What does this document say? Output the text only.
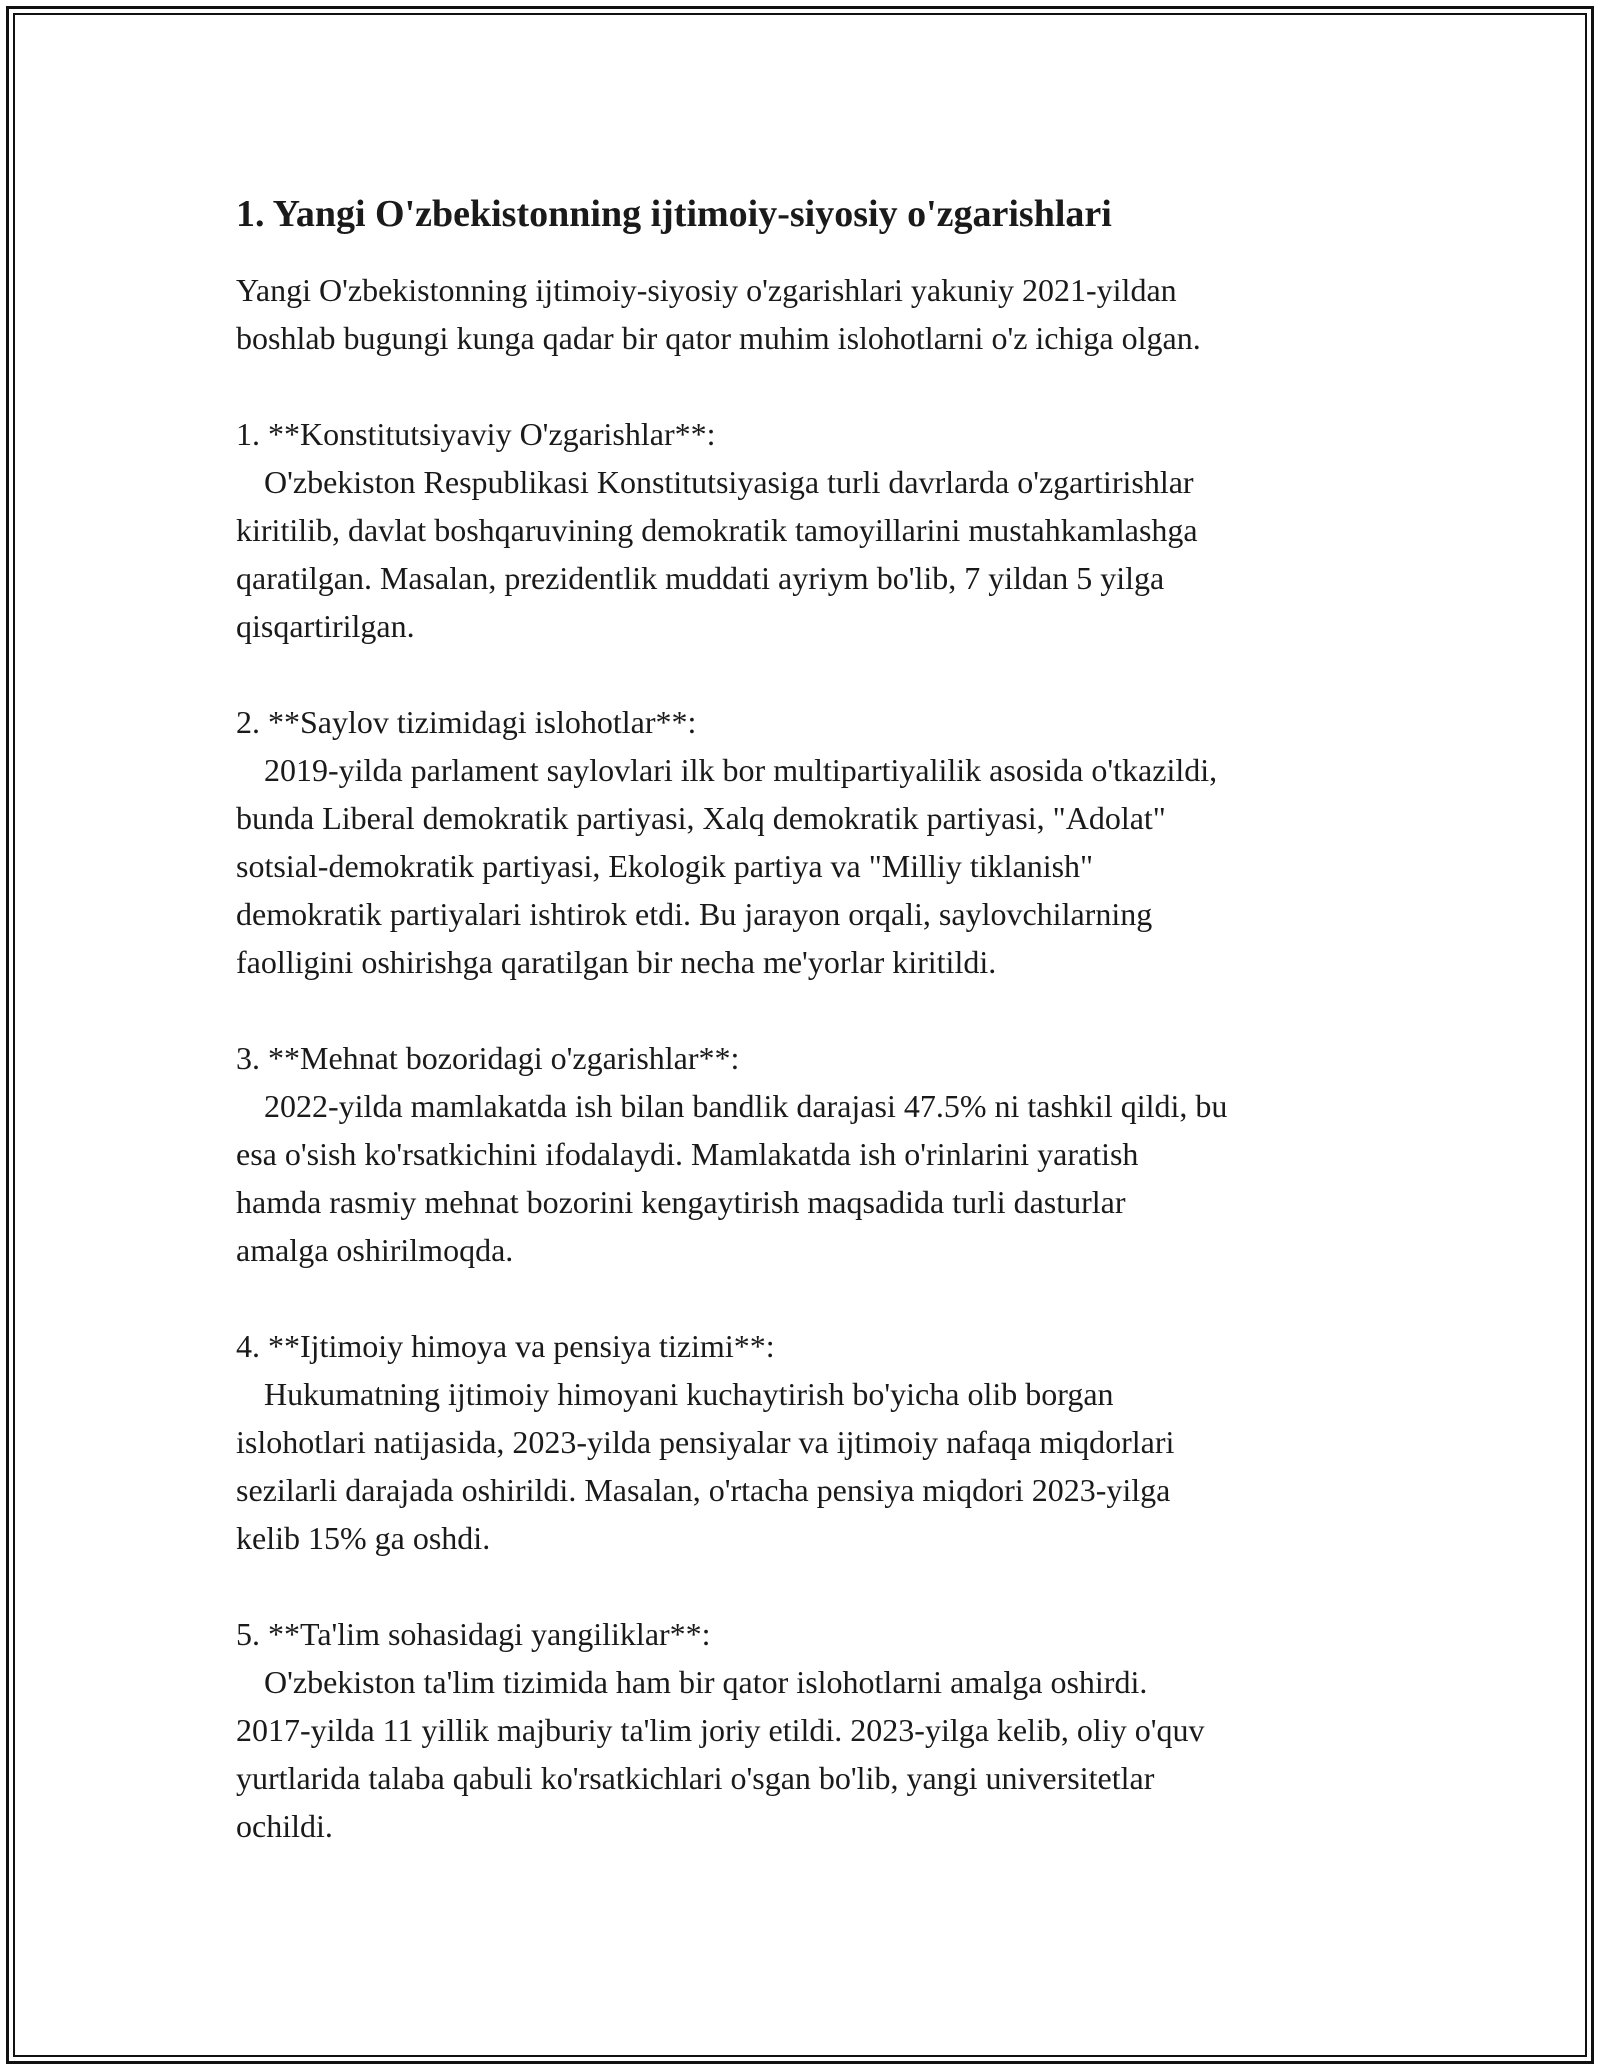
1. Yangi O'zbekistonning ijtimoiy-siyosiy o'zgarishlari

Yangi O'zbekistonning ijtimoiy-siyosiy o'zgarishlari yakuniy 2021-yildan
boshlab bugungi kunga qadar bir qator muhim islohotlarni o'z ichiga olgan.

1. **Konstitutsiyaviy O'zgarishlar**:
O'zbekiston Respublikasi Konstitutsiyasiga turli davrlarda o'zgartirishlar
kiritilib, davlat boshqaruvining demokratik tamoyillarini mustahkamlashga
qaratilgan. Masalan, prezidentlik muddati ayriym bo'lib, 7 yildan 5 yilga
qisqartirilgan.
2. **Saylov tizimidagi islohotlar**:
2019-yilda parlament saylovlari ilk bor multipartiyalilik asosida o'tkazildi,
bunda Liberal demokratik partiyasi, Xalq demokratik partiyasi, "Adolat"
sotsial-demokratik partiyasi, Ekologik partiya va "Milliy tiklanish"
demokratik partiyalari ishtirok etdi. Bu jarayon orqali, saylovchilarning
faolligini oshirishga qaratilgan bir necha me'yorlar kiritildi.
3. **Mehnat bozoridagi o'zgarishlar**:
2022-yilda mamlakatda ish bilan bandlik darajasi 47.5% ni tashkil qildi, bu
esa o'sish ko'rsatkichini ifodalaydi. Mamlakatda ish o'rinlarini yaratish
hamda rasmiy mehnat bozorini kengaytirish maqsadida turli dasturlar
amalga oshirilmoqda.
4. **Ijtimoiy himoya va pensiya tizimi**:
Hukumatning ijtimoiy himoyani kuchaytirish bo'yicha olib borgan
islohotlari natijasida, 2023-yilda pensiyalar va ijtimoiy nafaqa miqdorlari
sezilarli darajada oshirildi. Masalan, o'rtacha pensiya miqdori 2023-yilga
kelib 15% ga oshdi.
5. **Ta'lim sohasidagi yangiliklar**:
O'zbekiston ta'lim tizimida ham bir qator islohotlarni amalga oshirdi.
2017-yilda 11 yillik majburiy ta'lim joriy etildi. 2023-yilga kelib, oliy o'quv
yurtlarida talaba qabuli ko'rsatkichlari o'sgan bo'lib, yangi universitetlar
ochildi.
